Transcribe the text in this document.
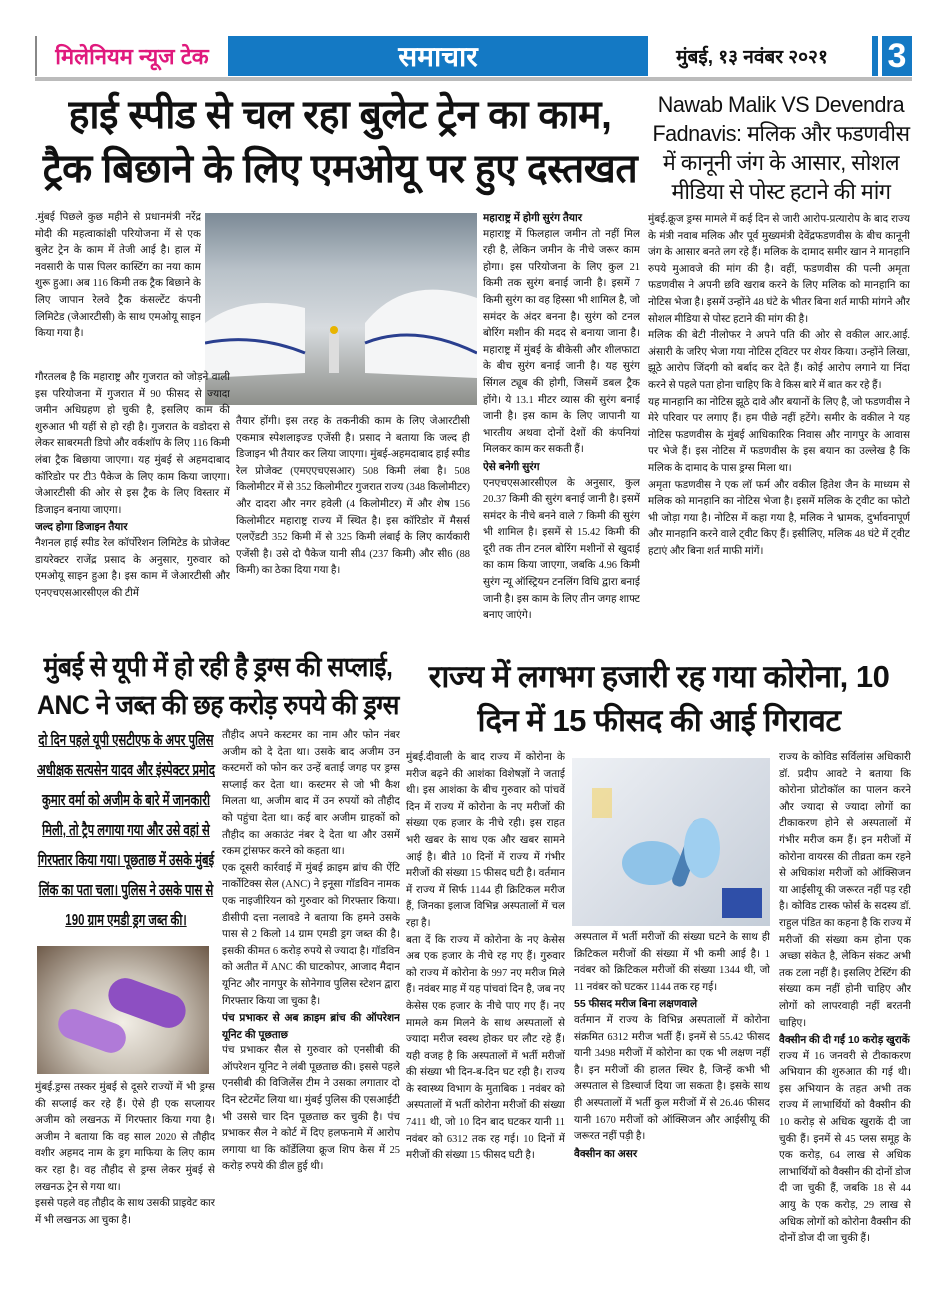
मिलेनियम न्यूज टेक	समाचार	मुंबई, १३ नवंबर २०२१	3
हाई स्पीड से चल रहा बुलेट ट्रेन का काम, ट्रैक बिछाने के लिए एमओयू पर हुए दस्तखत

.मुंबई पिछले कुछ महीने से प्रधानमंत्री नरेंद्र मोदी की महत्वाकांक्षी परियोजना में से एक बुलेट ट्रेन के काम में तेजी आई है। हाल में नवसारी के पास पिलर कास्टिंग का नया काम शुरू हुआ। अब 116 किमी तक ट्रैक बिछाने के लिए जापान रेलवे ट्रैक कंसल्टेंट कंपनी लिमिटेड (जेआरटीसी) के साथ एमओयू साइन किया गया है।

गौरतलब है कि महाराष्ट्र और गुजरात को जोड़ने वाली इस परियोजना में गुजरात में 90 फीसद से ज्यादा जमीन अधिग्रहण हो चुकी है, इसलिए काम की शुरुआत भी यहीं से हो रही है। गुजरात के वडोदरा से लेकर साबरमती डिपो और वर्कशॉप के लिए 116 किमी लंबा ट्रैक बिछाया जाएगा। यह मुंबई से अहमदाबाद कॉरिडोर पर टी3 पैकेज के लिए काम किया जाएगा। जेआरटीसी की ओर से इस ट्रैक के लिए विस्तार में डिजाइन बनाया जाएगा।

जल्द होगा डिजाइन तैयार

नैशनल हाई स्पीड रेल कॉर्पोरेशन लिमिटेड के प्रोजेक्ट डायरेक्टर राजेंद्र प्रसाद के अनुसार, गुरुवार को एमओयू साइन हुआ है। इस काम में जेआरटीसी और एनएचएसआरसीएल की टीमें

तैयार होंगी। इस तरह के तकनीकी काम के लिए जेआरटीसी एकमात्र स्पेशलाइज्ड एजेंसी है। प्रसाद ने बताया कि जल्द ही डिजाइन भी तैयार कर लिया जाएगा। मुंबई-अहमदाबाद हाई स्पीड रेल प्रोजेक्ट (एमएएचएसआर) 508 किमी लंबा है। 508 किलोमीटर में से 352 किलोमीटर गुजरात राज्य (348 किलोमीटर) और दादरा और नगर हवेली (4 किलोमीटर) में और शेष 156 किलोमीटर महाराष्ट्र राज्य में स्थित है। इस कॉरिडोर में मैसर्स एलऐंडटी 352 किमी में से 325 किमी लंबाई के लिए कार्यकारी एजेंसी है। उसे दो पैकेज यानी सी4 (237 किमी) और सी6 (88 किमी) का ठेका दिया गया है।

महाराष्ट्र में होगी सुरंग तैयार

महाराष्ट्र में फिलहाल जमीन तो नहीं मिल रही है, लेकिन जमीन के नीचे जरूर काम होगा। इस परियोजना के लिए कुल 21 किमी तक सुरंग बनाई जानी है। इसमें 7 किमी सुरंग का वह हिस्सा भी शामिल है, जो समंदर के अंदर बनना है। सुरंग को टनल बोरिंग मशीन की मदद से बनाया जाना है। महाराष्ट्र में मुंबई के बीकेसी और शीलफाटा के बीच सुरंग बनाई जानी है। यह सुरंग सिंगल ट्यूब की होगी, जिसमें डबल ट्रैक होंगे। ये 13.1 मीटर व्यास की सुरंग बनाई जानी है। इस काम के लिए जापानी या भारतीय अथवा दोनों देशों की कंपनियां मिलकर काम कर सकती हैं।

ऐसे बनेगी सुरंग

एनएचएसआरसीएल के अनुसार, कुल 20.37 किमी की सुरंग बनाई जानी है। इसमें समंदर के नीचे बनने वाले 7 किमी की सुरंग भी शामिल है। इसमें से 15.42 किमी की दूरी तक तीन टनल बोरिंग मशीनों से खुदाई का काम किया जाएगा, जबकि 4.96 किमी सुरंग न्यू ऑस्ट्रियन टनलिंग विधि द्वारा बनाई जानी है। इस काम के लिए तीन जगह शाफ्ट बनाए जाएंगे।

Nawab Malik VS Devendra Fadnavis: मलिक और फडणवीस में कानूनी जंग के आसार, सोशल मीडिया से पोस्ट हटाने की मांग

मुंबई.क्रूज ड्रग्स मामले में कई दिन से जारी आरोप-प्रत्यारोप के बाद राज्य के मंत्री नवाब मलिक और पूर्व मुख्यमंत्री देवेंद्रफडणवीस के बीच कानूनी जंग के आसार बनते लग रहे हैं। मलिक के दामाद समीर खान ने मानहानि रुपये मुआवजे की मांग की है। वहीं, फडणवीस की पत्नी अमृता फडणवीस ने अपनी छवि खराब करने के लिए मलिक को मानहानि का नोटिस भेजा है। इसमें उन्होंने 48 घंटे के भीतर बिना शर्त माफी मांगने और सोशल मीडिया से पोस्ट हटाने की मांग की है।

मलिक की बेटी नीलोफर ने अपने पति की ओर से वकील आर.आई. अंसारी के जरिए भेजा गया नोटिस ट्विटर पर शेयर किया। उन्होंने लिखा, झूठे आरोप जिंदगी को बर्बाद कर देते हैं। कोई आरोप लगाने या निंदा करने से पहले पता होना चाहिए कि वे किस बारे में बात कर रहे हैं।

यह मानहानि का नोटिस झूठे दावे और बयानों के लिए है, जो फडणवीस ने मेरे परिवार पर लगाए हैं। हम पीछे नहीं हटेंगे। समीर के वकील ने यह नोटिस फडणवीस के मुंबई आधिकारिक निवास और नागपुर के आवास पर भेजे हैं। इस नोटिस में फडणवीस के इस बयान का उल्लेख है कि मलिक के दामाद के पास ड्रग्स मिला था।

अमृता फडणवीस ने एक लॉ फर्म और वकील हितेश जैन के माध्यम से मलिक को मानहानि का नोटिस भेजा है। इसमें मलिक के ट्वीट का फोटो भी जोड़ा गया है। नोटिस में कहा गया है, मलिक ने भ्रामक, दुर्भावनापूर्ण और मानहानि करने वाले ट्वीट किए हैं। इसीलिए, मलिक 48 घंटे में ट्वीट हटाएं और बिना शर्त माफी मांगें।

मुंबई से यूपी में हो रही है ड्रग्स की सप्लाई, ANC ने जब्त की छह करोड़ रुपये की ड्रग्स
दो दिन पहले यूपी एसटीएफ के अपर पुलिस अधीक्षक सत्यसेन यादव और इंस्पेक्टर प्रमोद कुमार वर्मा को अजीम के बारे में जानकारी मिली, तो ट्रैप लगाया गया और उसे वहां से गिरफ्तार किया गया। पूछताछ में उसके मुंबई लिंक का पता चला। पुलिस ने उसके पास से 190 ग्राम एमडी ड्रग जब्त की।

मुंबई.ड्रग्स तस्कर मुंबई से दूसरे राज्यों में भी ड्रग्स की सप्लाई कर रहे हैं। ऐसे ही एक सप्लायर अजीम को लखनऊ में गिरफ्तार किया गया है। अजीम ने बताया कि वह साल 2020 से तौहीद वशीर अहमद नाम के ड्रग माफिया के लिए काम कर रहा है। वह तौहीद से ड्रग्स लेकर मुंबई से लखनऊ ट्रेन से गया था।

इससे पहले वह तौहीद के साथ उसकी प्राइवेट कार में भी लखनऊ आ चुका है।

तौहीद अपने कस्टमर का नाम और फोन नंबर अजीम को दे देता था। उसके बाद अजीम उन कस्टमरों को फोन कर उन्हें बताई जगह पर ड्रग्स सप्लाई कर देता था। कस्टमर से जो भी कैश मिलता था, अजीम बाद में उन रुपयों को तौहीद को पहुंचा देता था। कई बार अजीम ग्राहकों को तौहीद का अकाउंट नंबर दे देता था और उसमें रकम ट्रांसफर करने को कहता था।

एक दूसरी कार्रवाई में मुंबई क्राइम ब्रांच की ऐंटि नार्कोटिक्स सेल (ANC) ने इनूसा गॉडविन नामक एक नाइजीरियन को गुरुवार को गिरफ्तार किया। डीसीपी दत्ता नलावडे ने बताया कि हमने उसके पास से 2 किलो 14 ग्राम एमडी ड्रग जब्त की है। इसकी कीमत 6 करोड़ रुपये से ज्यादा है। गॉडविन को अतीत में ANC की घाटकोपर, आजाद मैदान यूनिट और नागपुर के सोनेगाव पुलिस स्टेशन द्वारा गिरफ्तार किया जा चुका है।

पंच प्रभाकर से अब क्राइम ब्रांच की ऑपरेशन यूनिट की पूछताछ

पंच प्रभाकर सैल से गुरुवार को एनसीबी की ऑपरेशन यूनिट ने लंबी पूछताछ की। इससे पहले एनसीबी की विजिलेंस टीम ने उसका लगातार दो दिन स्टेटमेंट लिया था। मुंबई पुलिस की एसआईटी भी उससे चार दिन पूछताछ कर चुकी है। पंच प्रभाकर सैल ने कोर्ट में दिए हलफनामे में आरोप लगाया था कि कॉर्डेलिया क्रूज शिप केस में 25 करोड़ रुपये की डील हुई थी।

राज्य में लगभग हजारी रह गया कोरोना, 10 दिन में 15 फीसद की आई गिरावट

मुंबई.दीवाली के बाद राज्य में कोरोना के मरीज बढ़ने की आशंका विशेषज्ञों ने जताई थी। इस आशंका के बीच गुरुवार को पांचवें दिन में राज्य में कोरोना के नए मरीजों की संख्या एक हजार के नीचे रही। इस राहत भरी खबर के साथ एक और खबर सामने आई है। बीते 10 दिनों में राज्य में गंभीर मरीजों की संख्या 15 फीसद घटी है। वर्तमान में राज्य में सिर्फ 1144 ही क्रिटिकल मरीज हैं, जिनका इलाज विभिन्न अस्पतालों में चल रहा है।

बता दें कि राज्य में कोरोना के नए केसेस अब एक हजार के नीचे रह गए हैं। गुरुवार को राज्य में कोरोना के 997 नए मरीज मिले हैं। नवंबर माह में यह पांचवां दिन है, जब नए केसेस एक हजार के नीचे पाए गए हैं। नए मामले कम मिलने के साथ अस्पतालों से ज्यादा मरीज स्वस्थ होकर घर लौट रहे हैं। यही वजह है कि अस्पतालों में भर्ती मरीजों की संख्या भी दिन-ब-दिन घट रही है। राज्य के स्वास्थ्य विभाग के मुताबिक 1 नवंबर को अस्पतालों में भर्ती कोरोना मरीजों की संख्या 7411 थी, जो 10 दिन बाद घटकर यानी 11 नवंबर को 6312 तक रह गई। 10 दिनों में मरीजों की संख्या 15 फीसद घटी है।

अस्पताल में भर्ती मरीजों की संख्या घटने के साथ ही क्रिटिकल मरीजों की संख्या में भी कमी आई है। 1 नवंबर को क्रिटिकल मरीजों की संख्या 1344 थी, जो 11 नवंबर को घटकर 1144 तक रह गई।

55 फीसद मरीज बिना लक्षणवाले

वर्तमान में राज्य के विभिन्न अस्पतालों में कोरोना संक्रमित 6312 मरीज भर्ती हैं। इनमें से 55.42 फीसद यानी 3498 मरीजों में कोरोना का एक भी लक्षण नहीं है। इन मरीजों की हालत स्थिर है, जिन्हें कभी भी अस्पताल से डिस्चार्ज दिया जा सकता है। इसके साथ ही अस्पतालों में भर्ती कुल मरीजों में से 26.46 फीसद यानी 1670 मरीजों को ऑक्सिजन और आईसीयू की जरूरत नहीं पड़ी है।

वैक्सीन का असर

राज्य के कोविड सर्विलांस अधिकारी डॉ. प्रदीप आवटे ने बताया कि कोरोना प्रोटोकॉल का पालन करने और ज्यादा से ज्यादा लोगों का टीकाकरण होने से अस्पतालों में गंभीर मरीज कम हैं। इन मरीजों में कोरोना वायरस की तीव्रता कम रहने से अधिकांश मरीजों को ऑक्सिजन या आईसीयू की जरूरत नहीं पड़ रही है। कोविड टास्क फोर्स के सदस्य डॉ. राहुल पंडित का कहना है कि राज्य में मरीजों की संख्या कम होना एक अच्छा संकेत है, लेकिन संकट अभी तक टला नहीं है। इसलिए टेस्टिंग की संख्या कम नहीं होनी चाहिए और लोगों को लापरवाही नहीं बरतनी चाहिए।

वैक्सीन की दी गईं 10 करोड़ खुराकें

राज्य में 16 जनवरी से टीकाकरण अभियान की शुरुआत की गई थी। इस अभियान के तहत अभी तक राज्य में लाभार्थियों को वैक्सीन की 10 करोड़ से अधिक खुराकें दी जा चुकी हैं। इनमें से 45 प्लस समूह के एक करोड़, 64 लाख से अधिक लाभार्थियों को वैक्सीन की दोनों डोज दी जा चुकी हैं, जबकि 18 से 44 आयु के एक करोड़, 29 लाख से अधिक लोगों को कोरोना वैक्सीन की दोनों डोज दी जा चुकी हैं।
